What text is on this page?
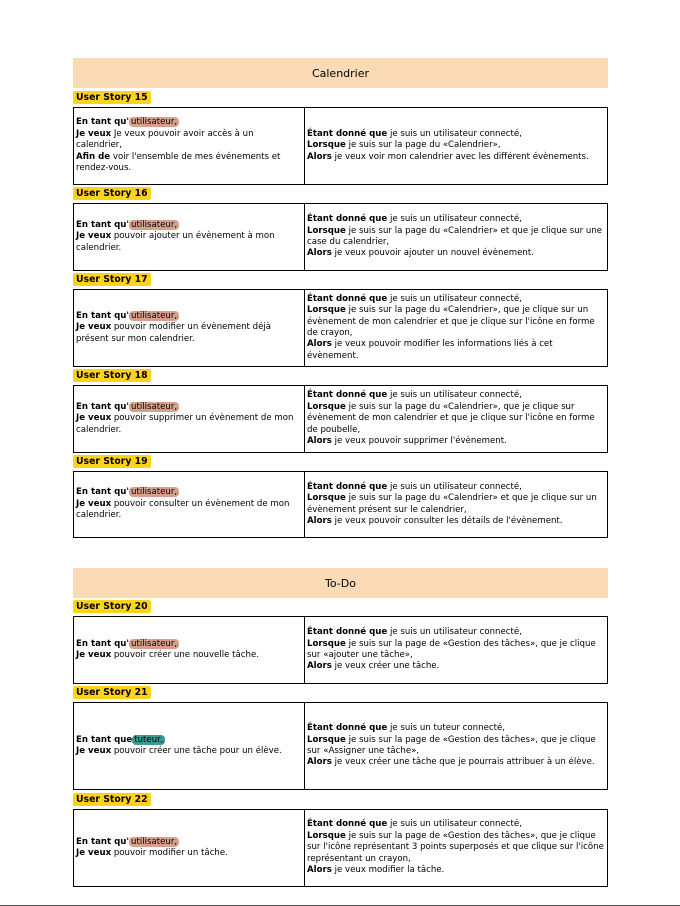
Calendrier
User Story 15
En tant qu' utilisateur,
Je veux Je veux pouvoir avoir accès à un calendrier,
Afin de voir l'ensemble de mes événements et rendez-vous.
Étant donné que je suis un utilisateur connecté,
Lorsque je suis sur la page du «Calendrier»,
Alors je veux voir mon calendrier avec les différent évènements.
User Story 16
En tant qu' utilisateur,
Je veux pouvoir ajouter un évènement à mon calendrier.
Étant donné que je suis un utilisateur connecté,
Lorsque je suis sur la page du «Calendrier» et que je clique sur une case du calendrier,
Alors je veux pouvoir ajouter un nouvel évènement.
User Story 17
En tant qu' utilisateur,
Je veux pouvoir modifier un évènement déjà présent sur mon calendrier.
Étant donné que je suis un utilisateur connecté,
Lorsque je suis sur la page du «Calendrier», que je clique sur un évènement de mon calendrier et que je clique sur l'icône en forme de crayon,
Alors je veux pouvoir modifier les informations liés à cet évènement.
User Story 18
En tant qu' utilisateur,
Je veux pouvoir supprimer un évènement de mon calendrier.
Étant donné que je suis un utilisateur connecté,
Lorsque je suis sur la page du «Calendrier», que je clique sur évènement de mon calendrier et que je clique sur l'icône en forme de poubelle,
Alors je veux pouvoir supprimer l'évènement.
User Story 19
En tant qu' utilisateur,
Je veux pouvoir consulter un évènement de mon calendrier.
Étant donné que je suis un utilisateur connecté,
Lorsque je suis sur la page du «Calendrier» et que je clique sur un évènement présent sur le calendrier,
Alors je veux pouvoir consulter les détails de l'évènement.
To-Do
User Story 20
En tant qu' utilisateur,
Je veux pouvoir créer une nouvelle tâche.
Étant donné que je suis un utilisateur connecté,
Lorsque je suis sur la page de «Gestion des tâches», que je clique sur «ajouter une tâche»,
Alors je veux créer une tâche.
User Story 21
En tant que tuteur,
Je veux pouvoir créer une tâche pour un élève.
Étant donné que je suis un tuteur connecté,
Lorsque je suis sur la page de «Gestion des tâches», que je clique sur «Assigner une tâche»,
Alors je veux créer une tâche que je pourrais attribuer à un élève.
User Story 22
En tant qu' utilisateur,
Je veux pouvoir modifier un tâche.
Étant donné que je suis un utilisateur connecté,
Lorsque je suis sur la page de «Gestion des tâches», que je clique sur l'icône représentant 3 points superposés et que clique sur l'icône représentant un crayon,
Alors je veux modifier la tâche.
